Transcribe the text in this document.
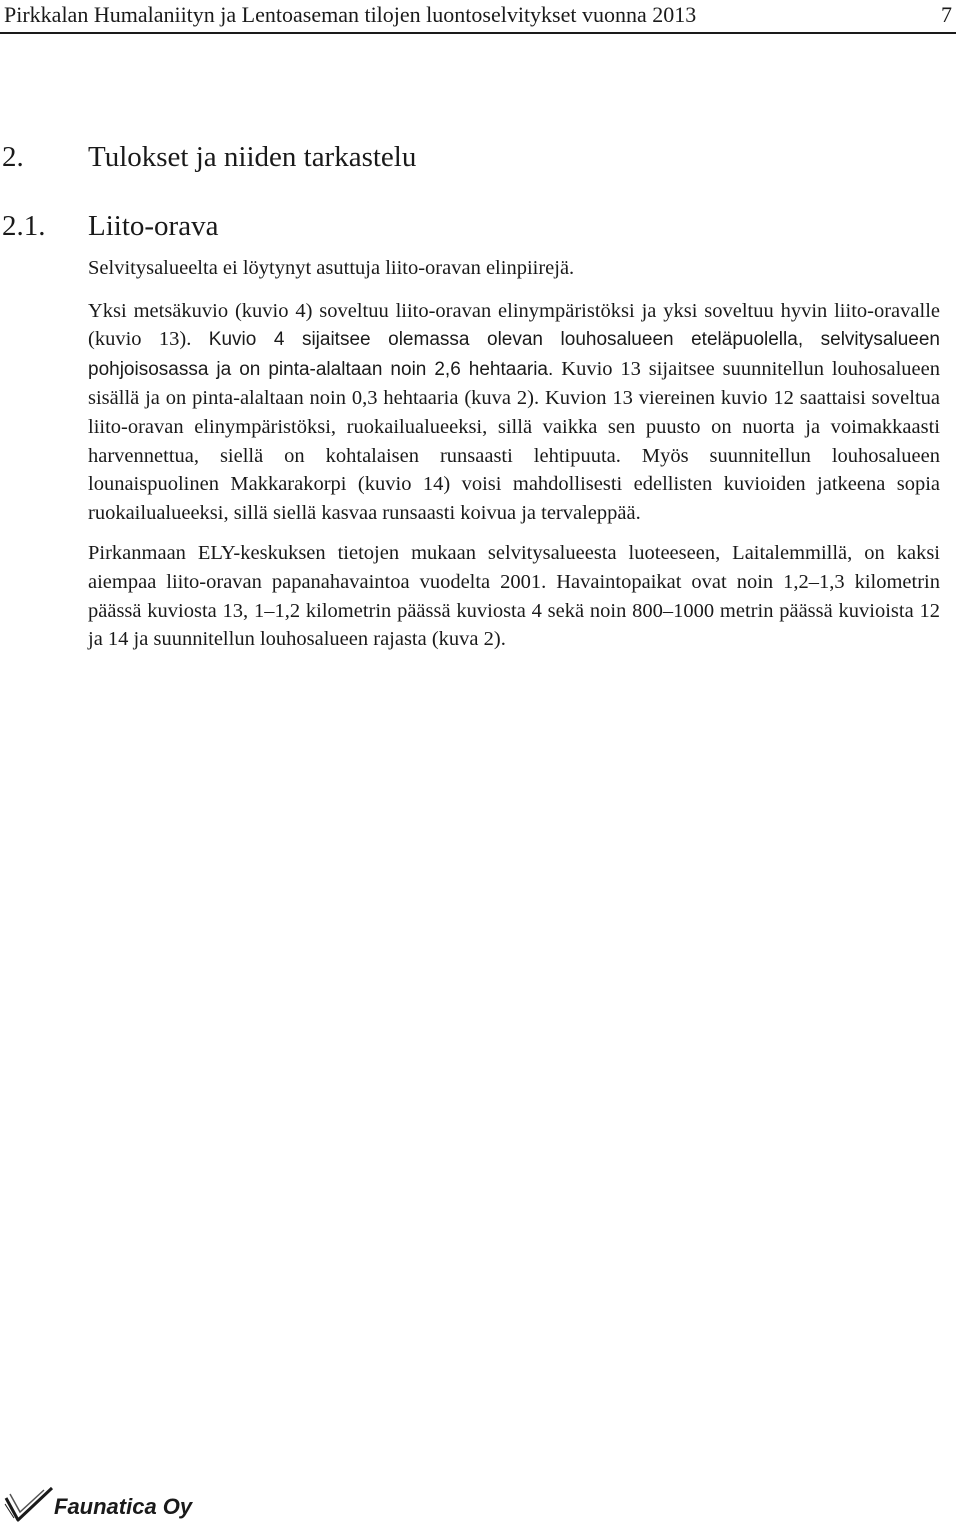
Pirkkalan Humalaniityn ja Lentoaseman tilojen luontoselvitykset vuonna 2013	7
2. Tulokset ja niiden tarkastelu
2.1. Liito-orava

Selvitysalueelta ei löytynyt asuttuja liito-oravan elinpiirejä.

Yksi metsäkuvio (kuvio 4) soveltuu liito-oravan elinympäristöksi ja yksi soveltuu hyvin liito-oravalle (kuvio 13). Kuvio 4 sijaitsee olemassa olevan louhosalueen eteläpuolella, selvitysalueen pohjoisosassa ja on pinta-alaltaan noin 2,6 hehtaaria. Kuvio 13 sijaitsee suunnitellun louhosalueen sisällä ja on pinta-alaltaan noin 0,3 hehtaaria (kuva 2). Kuvion 13 viereinen kuvio 12 saattaisi soveltua liito-oravan elinympäristöksi, ruokailualueeksi, sillä vaikka sen puusto on nuorta ja voimakkaasti harvennettua, siellä on kohtalaisen runsaasti lehtipuuta. Myös suunnitellun louhosalueen lounaispuolinen Makkarakorpi (kuvio 14) voisi mahdollisesti edellisten kuvioiden jatkeena sopia ruokailualueeksi, sillä siellä kasvaa runsaasti koivua ja tervaleppää.

Pirkanmaan ELY-keskuksen tietojen mukaan selvitysalueesta luoteeseen, Laitalemmillä, on kaksi aiempaa liito-oravan papanahavaintoa vuodelta 2001. Havaintopaikat ovat noin 1,2–1,3 kilometrin päässä kuviosta 13, 1–1,2 kilometrin päässä kuviosta 4 sekä noin 800–1000 metrin päässä kuvioista 12 ja 14 ja suunnitellun louhosalueen rajasta (kuva 2).

Faunatica Oy
